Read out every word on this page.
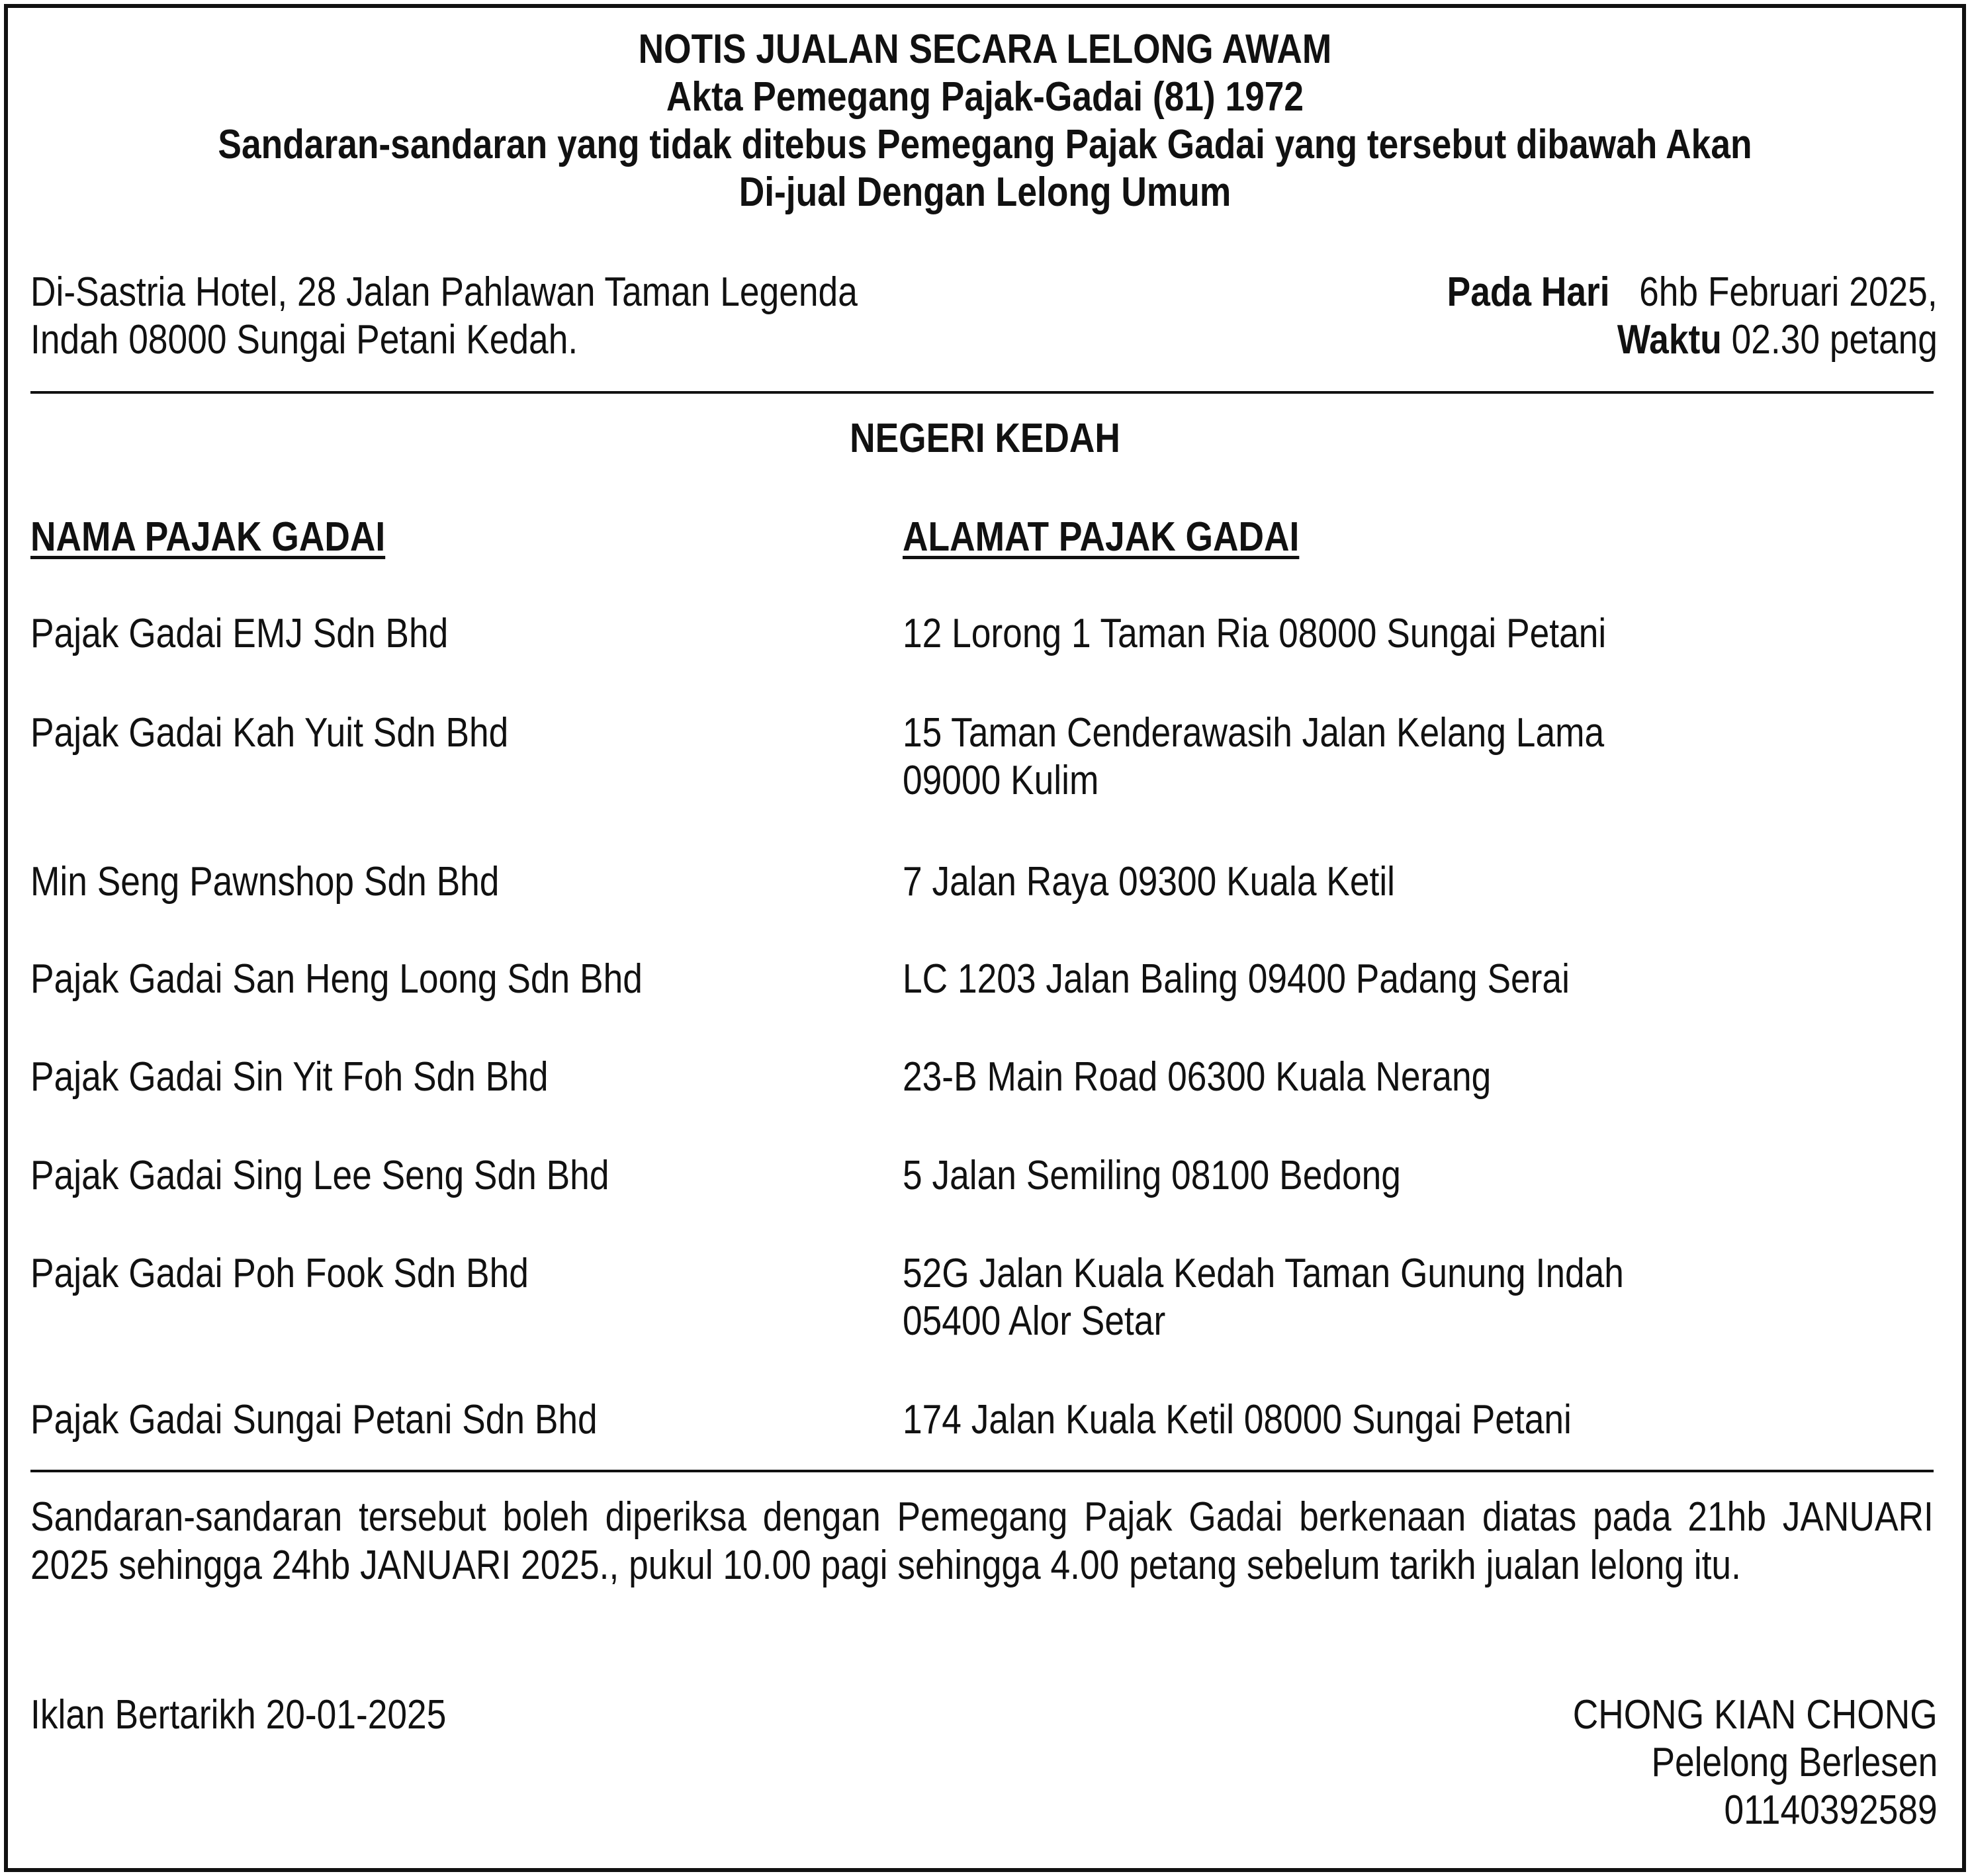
NOTIS JUALAN SECARA LELONG AWAM
Akta Pemegang Pajak-Gadai (81) 1972
Sandaran-sandaran yang tidak ditebus Pemegang Pajak Gadai yang tersebut dibawah Akan
Di-jual Dengan Lelong Umum
Di-Sastria Hotel, 28 Jalan Pahlawan Taman Legenda
Indah 08000 Sungai Petani Kedah.
Pada Hari 6hb Februari 2025,
Waktu 02.30 petang
NEGERI KEDAH
NAMA PAJAK GADAI	ALAMAT PAJAK GADAI
Pajak Gadai EMJ Sdn Bhd	12 Lorong 1 Taman Ria 08000 Sungai Petani
Pajak Gadai Kah Yuit Sdn Bhd	15 Taman Cenderawasih Jalan Kelang Lama
09000 Kulim
Min Seng Pawnshop Sdn Bhd	7 Jalan Raya 09300 Kuala Ketil
Pajak Gadai San Heng Loong Sdn Bhd	LC 1203 Jalan Baling 09400 Padang Serai
Pajak Gadai Sin Yit Foh Sdn Bhd	23-B Main Road 06300 Kuala Nerang
Pajak Gadai Sing Lee Seng Sdn Bhd	5 Jalan Semiling 08100 Bedong
Pajak Gadai Poh Fook Sdn Bhd	52G Jalan Kuala Kedah Taman Gunung Indah
05400 Alor Setar
Pajak Gadai Sungai Petani Sdn Bhd	174 Jalan Kuala Ketil 08000 Sungai Petani
Sandaran-sandaran tersebut boleh diperiksa dengan Pemegang Pajak Gadai berkenaan diatas pada 21hb JANUARI 2025 sehingga 24hb JANUARI 2025., pukul 10.00 pagi sehingga 4.00 petang sebelum tarikh jualan lelong itu.
Iklan Bertarikh 20-01-2025	CHONG KIAN CHONG
Pelelong Berlesen
01140392589
